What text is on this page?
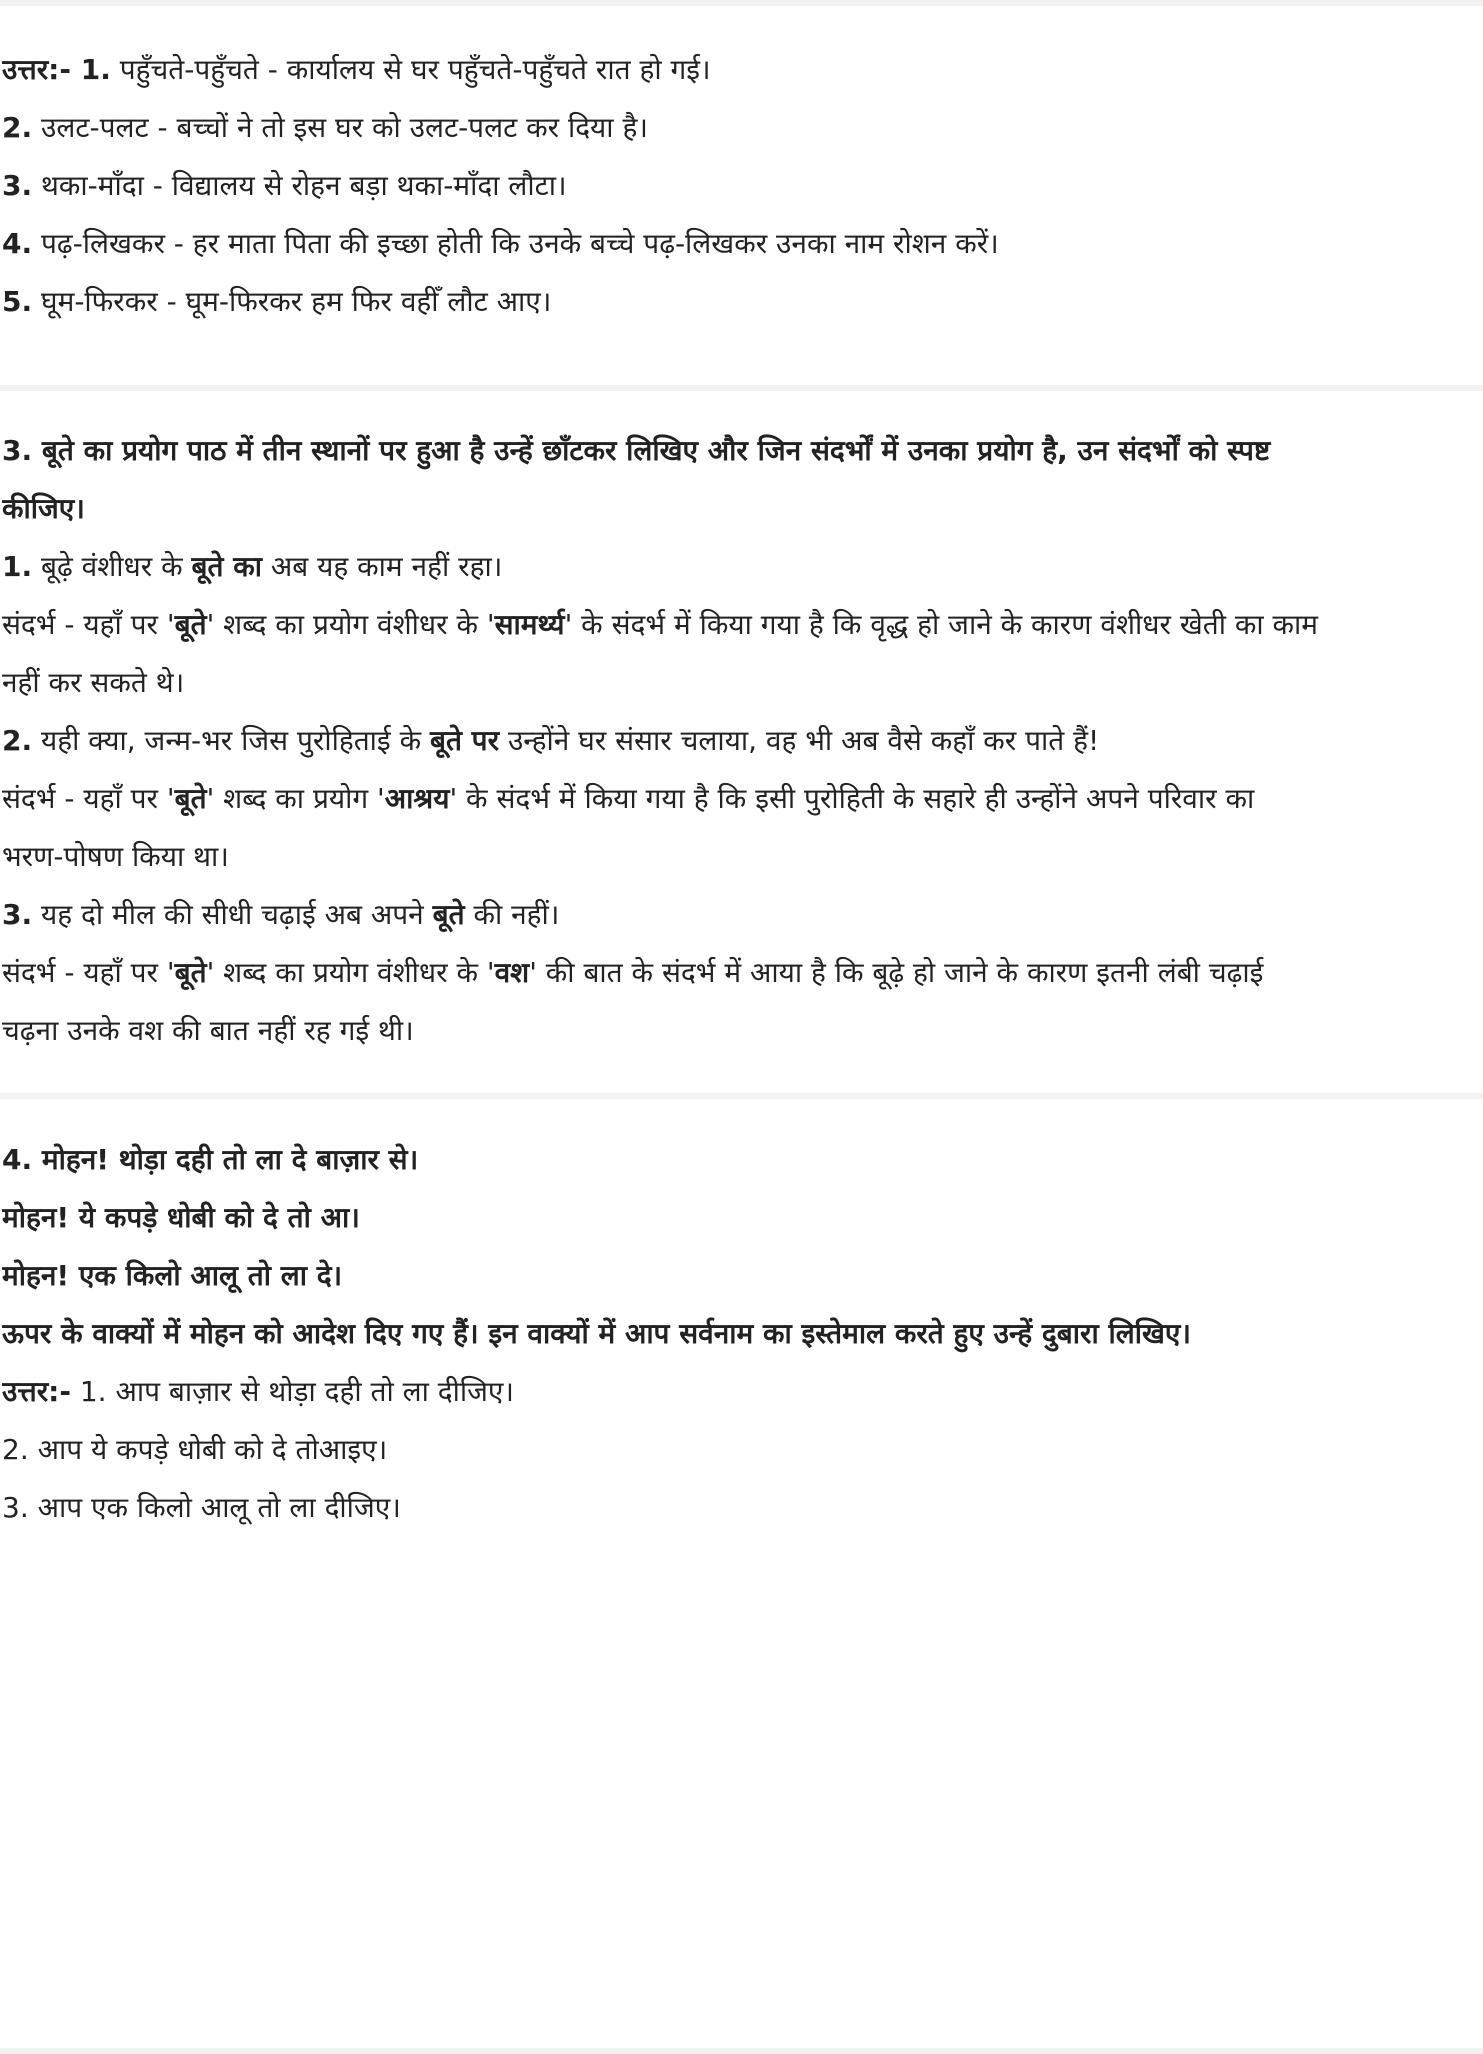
उत्तर:- 1. पहुँचते-पहुँचते - कार्यालय से घर पहुँचते-पहुँचते रात हो गई।
2. उलट-पलट - बच्चों ने तो इस घर को उलट-पलट कर दिया है।
3. थका-माँदा - विद्यालय से रोहन बड़ा थका-माँदा लौटा।
4. पढ़-लिखकर - हर माता पिता की इच्छा होती कि उनके बच्चे पढ़-लिखकर उनका नाम रोशन करें।
5. घूम-फिरकर - घूम-फिरकर हम फिर वहीँ लौट आए।
3. बूते का प्रयोग पाठ में तीन स्थानों पर हुआ है उन्हें छाँटकर लिखिए और जिन संदर्भों में उनका प्रयोग है, उन संदर्भों को स्पष्ट
कीजिए।
1. बूढ़े वंशीधर के बूते का अब यह काम नहीं रहा।
संदर्भ - यहाँ पर 'बूते' शब्द का प्रयोग वंशीधर के 'सामर्थ्य' के संदर्भ में किया गया है कि वृद्ध हो जाने के कारण वंशीधर खेती का काम
नहीं कर सकते थे।
2. यही क्या, जन्म-भर जिस पुरोहिताई के बूते पर उन्होंने घर संसार चलाया, वह भी अब वैसे कहाँ कर पाते हैं!
संदर्भ - यहाँ पर 'बूते' शब्द का प्रयोग 'आश्रय' के संदर्भ में किया गया है कि इसी पुरोहिती के सहारे ही उन्होंने अपने परिवार का
भरण-पोषण किया था।
3. यह दो मील की सीधी चढ़ाई अब अपने बूते की नहीं।
संदर्भ - यहाँ पर 'बूते' शब्द का प्रयोग वंशीधर के 'वश' की बात के संदर्भ में आया है कि बूढ़े हो जाने के कारण इतनी लंबी चढ़ाई
चढ़ना उनके वश की बात नहीं रह गई थी।
4. मोहन! थोड़ा दही तो ला दे बाज़ार से।
मोहन! ये कपड़े धोबी को दे तो आ।
मोहन! एक किलो आलू तो ला दे।
ऊपर के वाक्यों में मोहन को आदेश दिए गए हैं। इन वाक्यों में आप सर्वनाम का इस्तेमाल करते हुए उन्हें दुबारा लिखिए।
उत्तर:- 1. आप बाज़ार से थोड़ा दही तो ला दीजिए।
2. आप ये कपड़े धोबी को दे तोआइए।
3. आप एक किलो आलू तो ला दीजिए।
